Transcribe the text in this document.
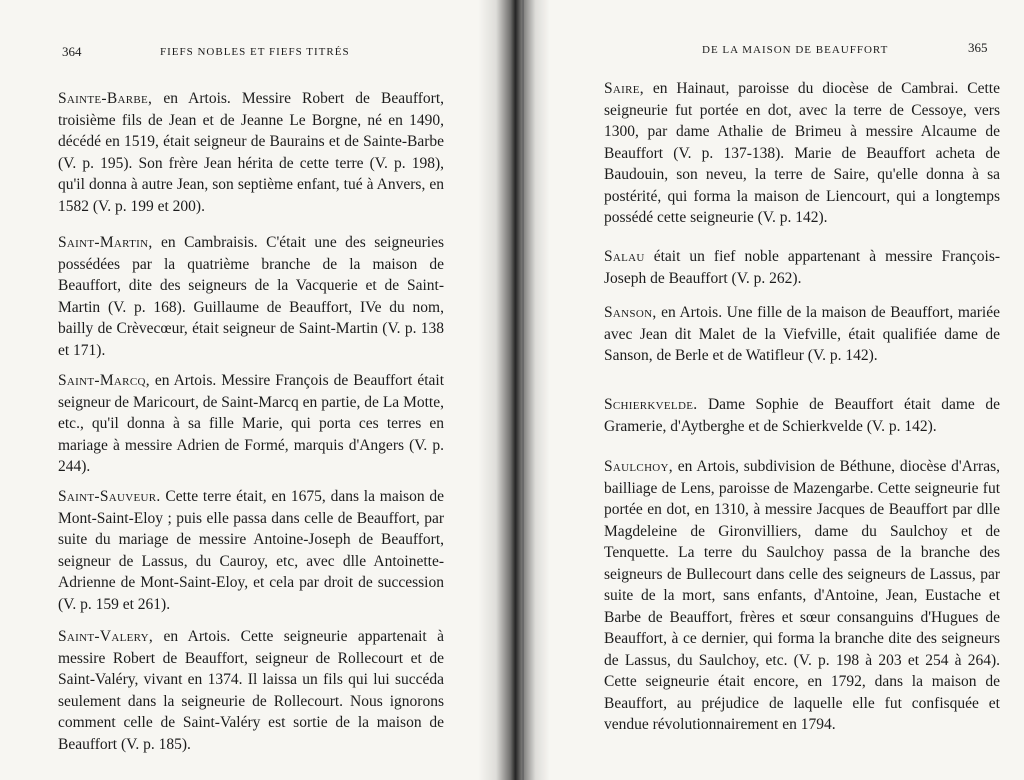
364	FIEFS NOBLES ET FIEFS TITRÉS

Sainte-Barbe, en Artois. Messire Robert de Beauffort, troisième fils de Jean et de Jeanne Le Borgne, né en 1490, décédé en 1519, était seigneur de Baurains et de Sainte-Barbe (V. p. 195). Son frère Jean hérita de cette terre (V. p. 198), qu'il donna à autre Jean, son septième enfant, tué à Anvers, en 1582 (V. p. 199 et 200).

Saint-Martin, en Cambraisis. C'était une des seigneuries possédées par la quatrième branche de la maison de Beauffort, dite des seigneurs de la Vacquerie et de Saint-Martin (V. p. 168). Guillaume de Beauffort, IVe du nom, bailly de Crèvecœur, était seigneur de Saint-Martin (V. p. 138 et 171).

Saint-Marcq, en Artois. Messire François de Beauffort était seigneur de Maricourt, de Saint-Marcq en partie, de La Motte, etc., qu'il donna à sa fille Marie, qui porta ces terres en mariage à messire Adrien de Formé, marquis d'Angers (V. p. 244).

Saint-Sauveur. Cette terre était, en 1675, dans la maison de Mont-Saint-Eloy ; puis elle passa dans celle de Beauffort, par suite du mariage de messire Antoine-Joseph de Beauffort, seigneur de Lassus, du Cauroy, etc, avec dlle Antoinette-Adrienne de Mont-Saint-Eloy, et cela par droit de succession (V. p. 159 et 261).

Saint-Valery, en Artois. Cette seigneurie appartenait à messire Robert de Beauffort, seigneur de Rollecourt et de Saint-Valéry, vivant en 1374. Il laissa un fils qui lui succéda seulement dans la seigneurie de Rollecourt. Nous ignorons comment celle de Saint-Valéry est sortie de la maison de Beauffort (V. p. 185).

DE LA MAISON DE BEAUFFORT	365

Saire, en Hainaut, paroisse du diocèse de Cambrai. Cette seigneurie fut portée en dot, avec la terre de Cessoye, vers 1300, par dame Athalie de Brimeu à messire Alcaume de Beauffort (V. p. 137-138). Marie de Beauffort acheta de Baudouin, son neveu, la terre de Saire, qu'elle donna à sa postérité, qui forma la maison de Liencourt, qui a longtemps possédé cette seigneurie (V. p. 142).

Salau était un fief noble appartenant à messire François-Joseph de Beauffort (V. p. 262).

Sanson, en Artois. Une fille de la maison de Beauffort, mariée avec Jean dit Malet de la Viefville, était qualifiée dame de Sanson, de Berle et de Watifleur (V. p. 142).

Schierkvelde. Dame Sophie de Beauffort était dame de Gramerie, d'Aytberghe et de Schierkvelde (V. p. 142).

Saulchoy, en Artois, subdivision de Béthune, diocèse d'Arras, bailliage de Lens, paroisse de Mazengarbe. Cette seigneurie fut portée en dot, en 1310, à messire Jacques de Beauffort par dlle Magdeleine de Gironvilliers, dame du Saulchoy et de Tenquette. La terre du Saulchoy passa de la branche des seigneurs de Bullecourt dans celle des seigneurs de Lassus, par suite de la mort, sans enfants, d'Antoine, Jean, Eustache et Barbe de Beauffort, frères et sœur consanguins d'Hugues de Beauffort, à ce dernier, qui forma la branche dite des seigneurs de Lassus, du Saulchoy, etc. (V. p. 198 à 203 et 254 à 264). Cette seigneurie était encore, en 1792, dans la maison de Beauffort, au préjudice de laquelle elle fut confisquée et vendue révolutionnairement en 1794.
